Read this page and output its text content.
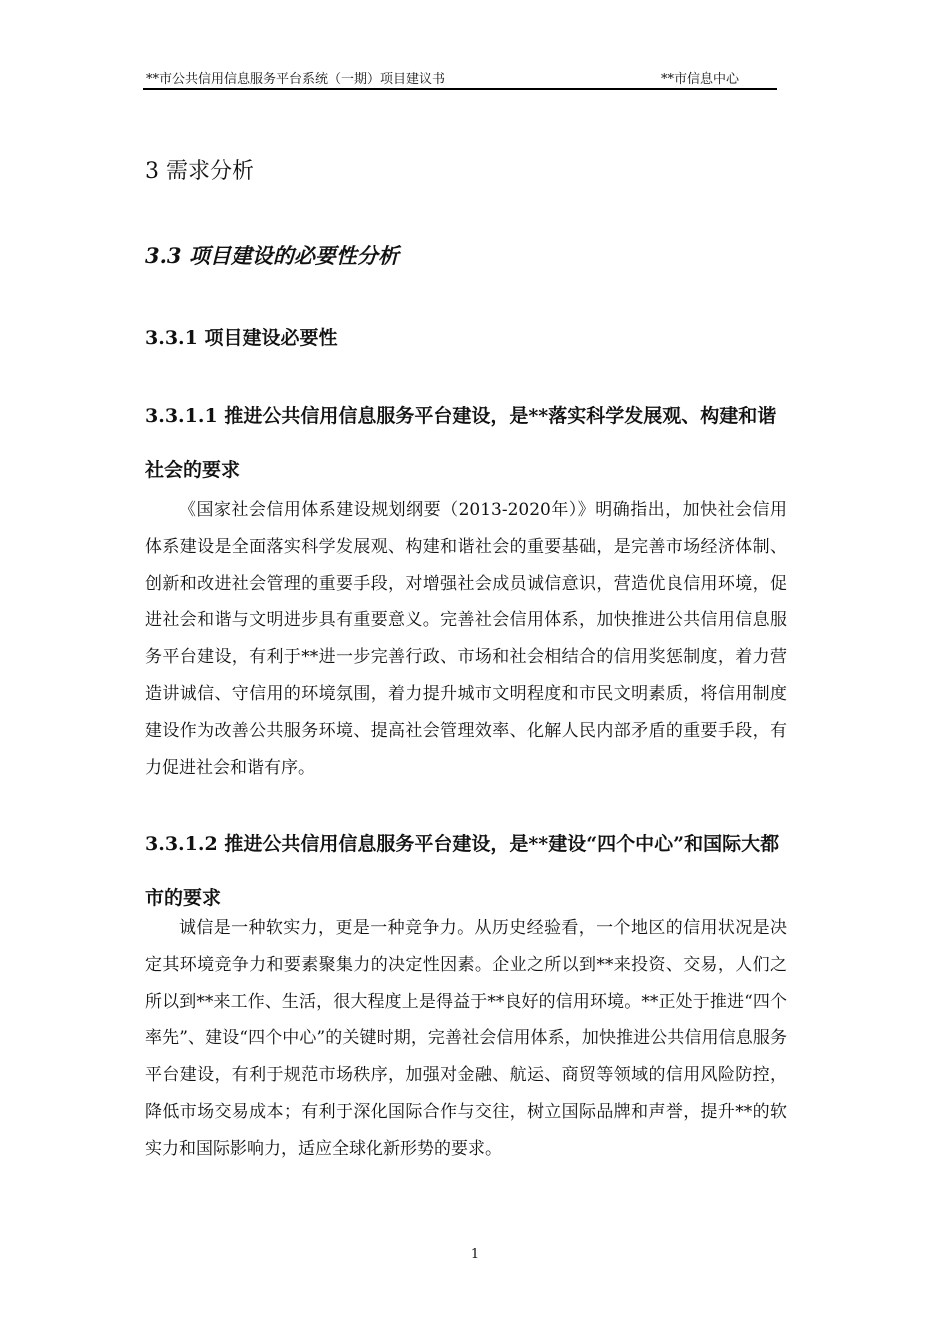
**市公共信用信息服务平台系统（一期）项目建议书	**市信息中心
3 需求分析
3.3 项目建设的必要性分析
3.3.1 项目建设必要性
3.3.1.1 推进公共信用信息服务平台建设，是**落实科学发展观、构建和谐社会的要求

《国家社会信用体系建设规划纲要（2013-2020年）》明确指出，加快社会信用体系建设是全面落实科学发展观、构建和谐社会的重要基础，是完善市场经济体制、创新和改进社会管理的重要手段，对增强社会成员诚信意识，营造优良信用环境，促进社会和谐与文明进步具有重要意义。完善社会信用体系，加快推进公共信用信息服务平台建设，有利于**进一步完善行政、市场和社会相结合的信用奖惩制度，着力营造讲诚信、守信用的环境氛围，着力提升城市文明程度和市民文明素质，将信用制度建设作为改善公共服务环境、提高社会管理效率、化解人民内部矛盾的重要手段，有力促进社会和谐有序。

3.3.1.2 推进公共信用信息服务平台建设，是**建设“四个中心”和国际大都市的要求

诚信是一种软实力，更是一种竞争力。从历史经验看，一个地区的信用状况是决定其环境竞争力和要素聚集力的决定性因素。企业之所以到**来投资、交易，人们之所以到**来工作、生活，很大程度上是得益于**良好的信用环境。**正处于推进“四个率先”、建设“四个中心”的关键时期，完善社会信用体系，加快推进公共信用信息服务平台建设，有利于规范市场秩序，加强对金融、航运、商贸等领域的信用风险防控，降低市场交易成本；有利于深化国际合作与交往，树立国际品牌和声誉，提升**的软实力和国际影响力，适应全球化新形势的要求。

1
